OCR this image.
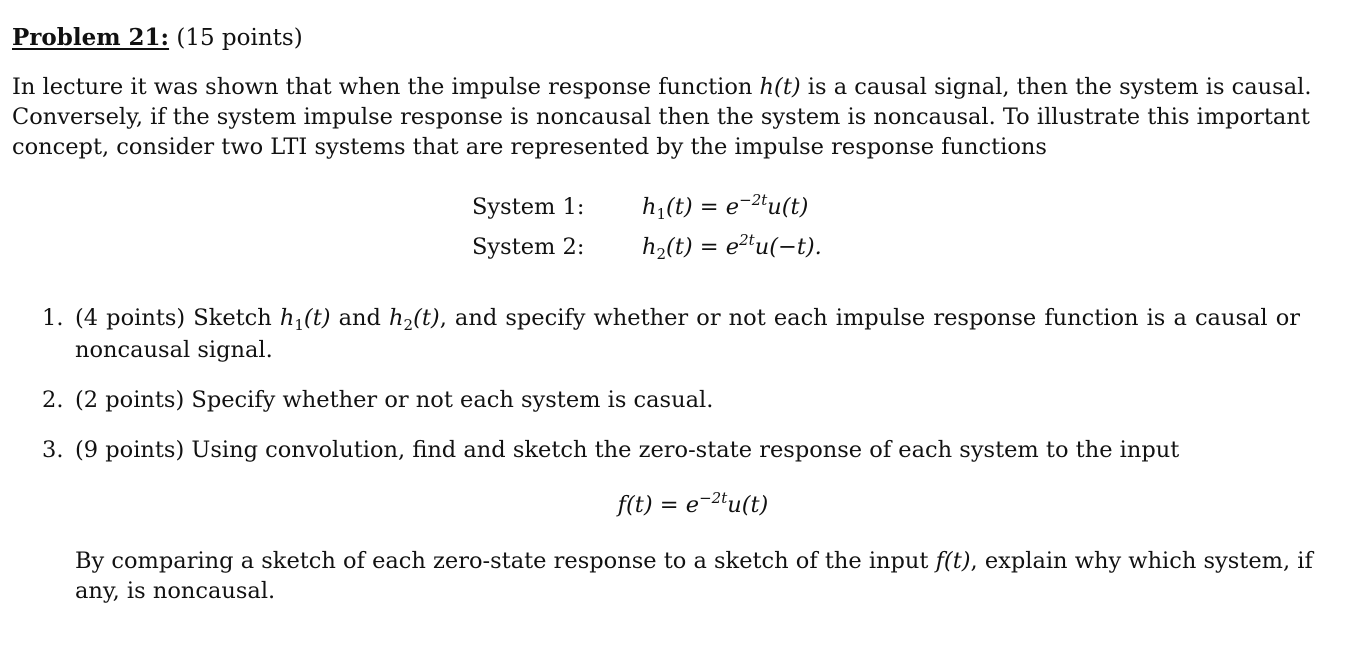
Problem 21: (15 points)
In lecture it was shown that when the impulse response function h(t) is a causal signal, then the system is causal.
Conversely, if the system impulse response is noncausal then the system is noncausal. To illustrate this important
concept, consider two LTI systems that are represented by the impulse response functions
System 1:	$h_1(t) = e^{-2t}u(t)$
System 2:	$h_2(t) = e^{2t}u(-t)$.
1. (4 points) Sketch $h_1(t)$ and $h_2(t)$, and specify whether or not each impulse response function is a causal or
noncausal signal.
2. (2 points) Specify whether or not each system is casual.
3. (9 points) Using convolution, find and sketch the zero-state response of each system to the input
$f(t) = e^{-2t}u(t)$
By comparing a sketch of each zero-state response to a sketch of the input f(t), explain why which system, if
any, is noncausal.
